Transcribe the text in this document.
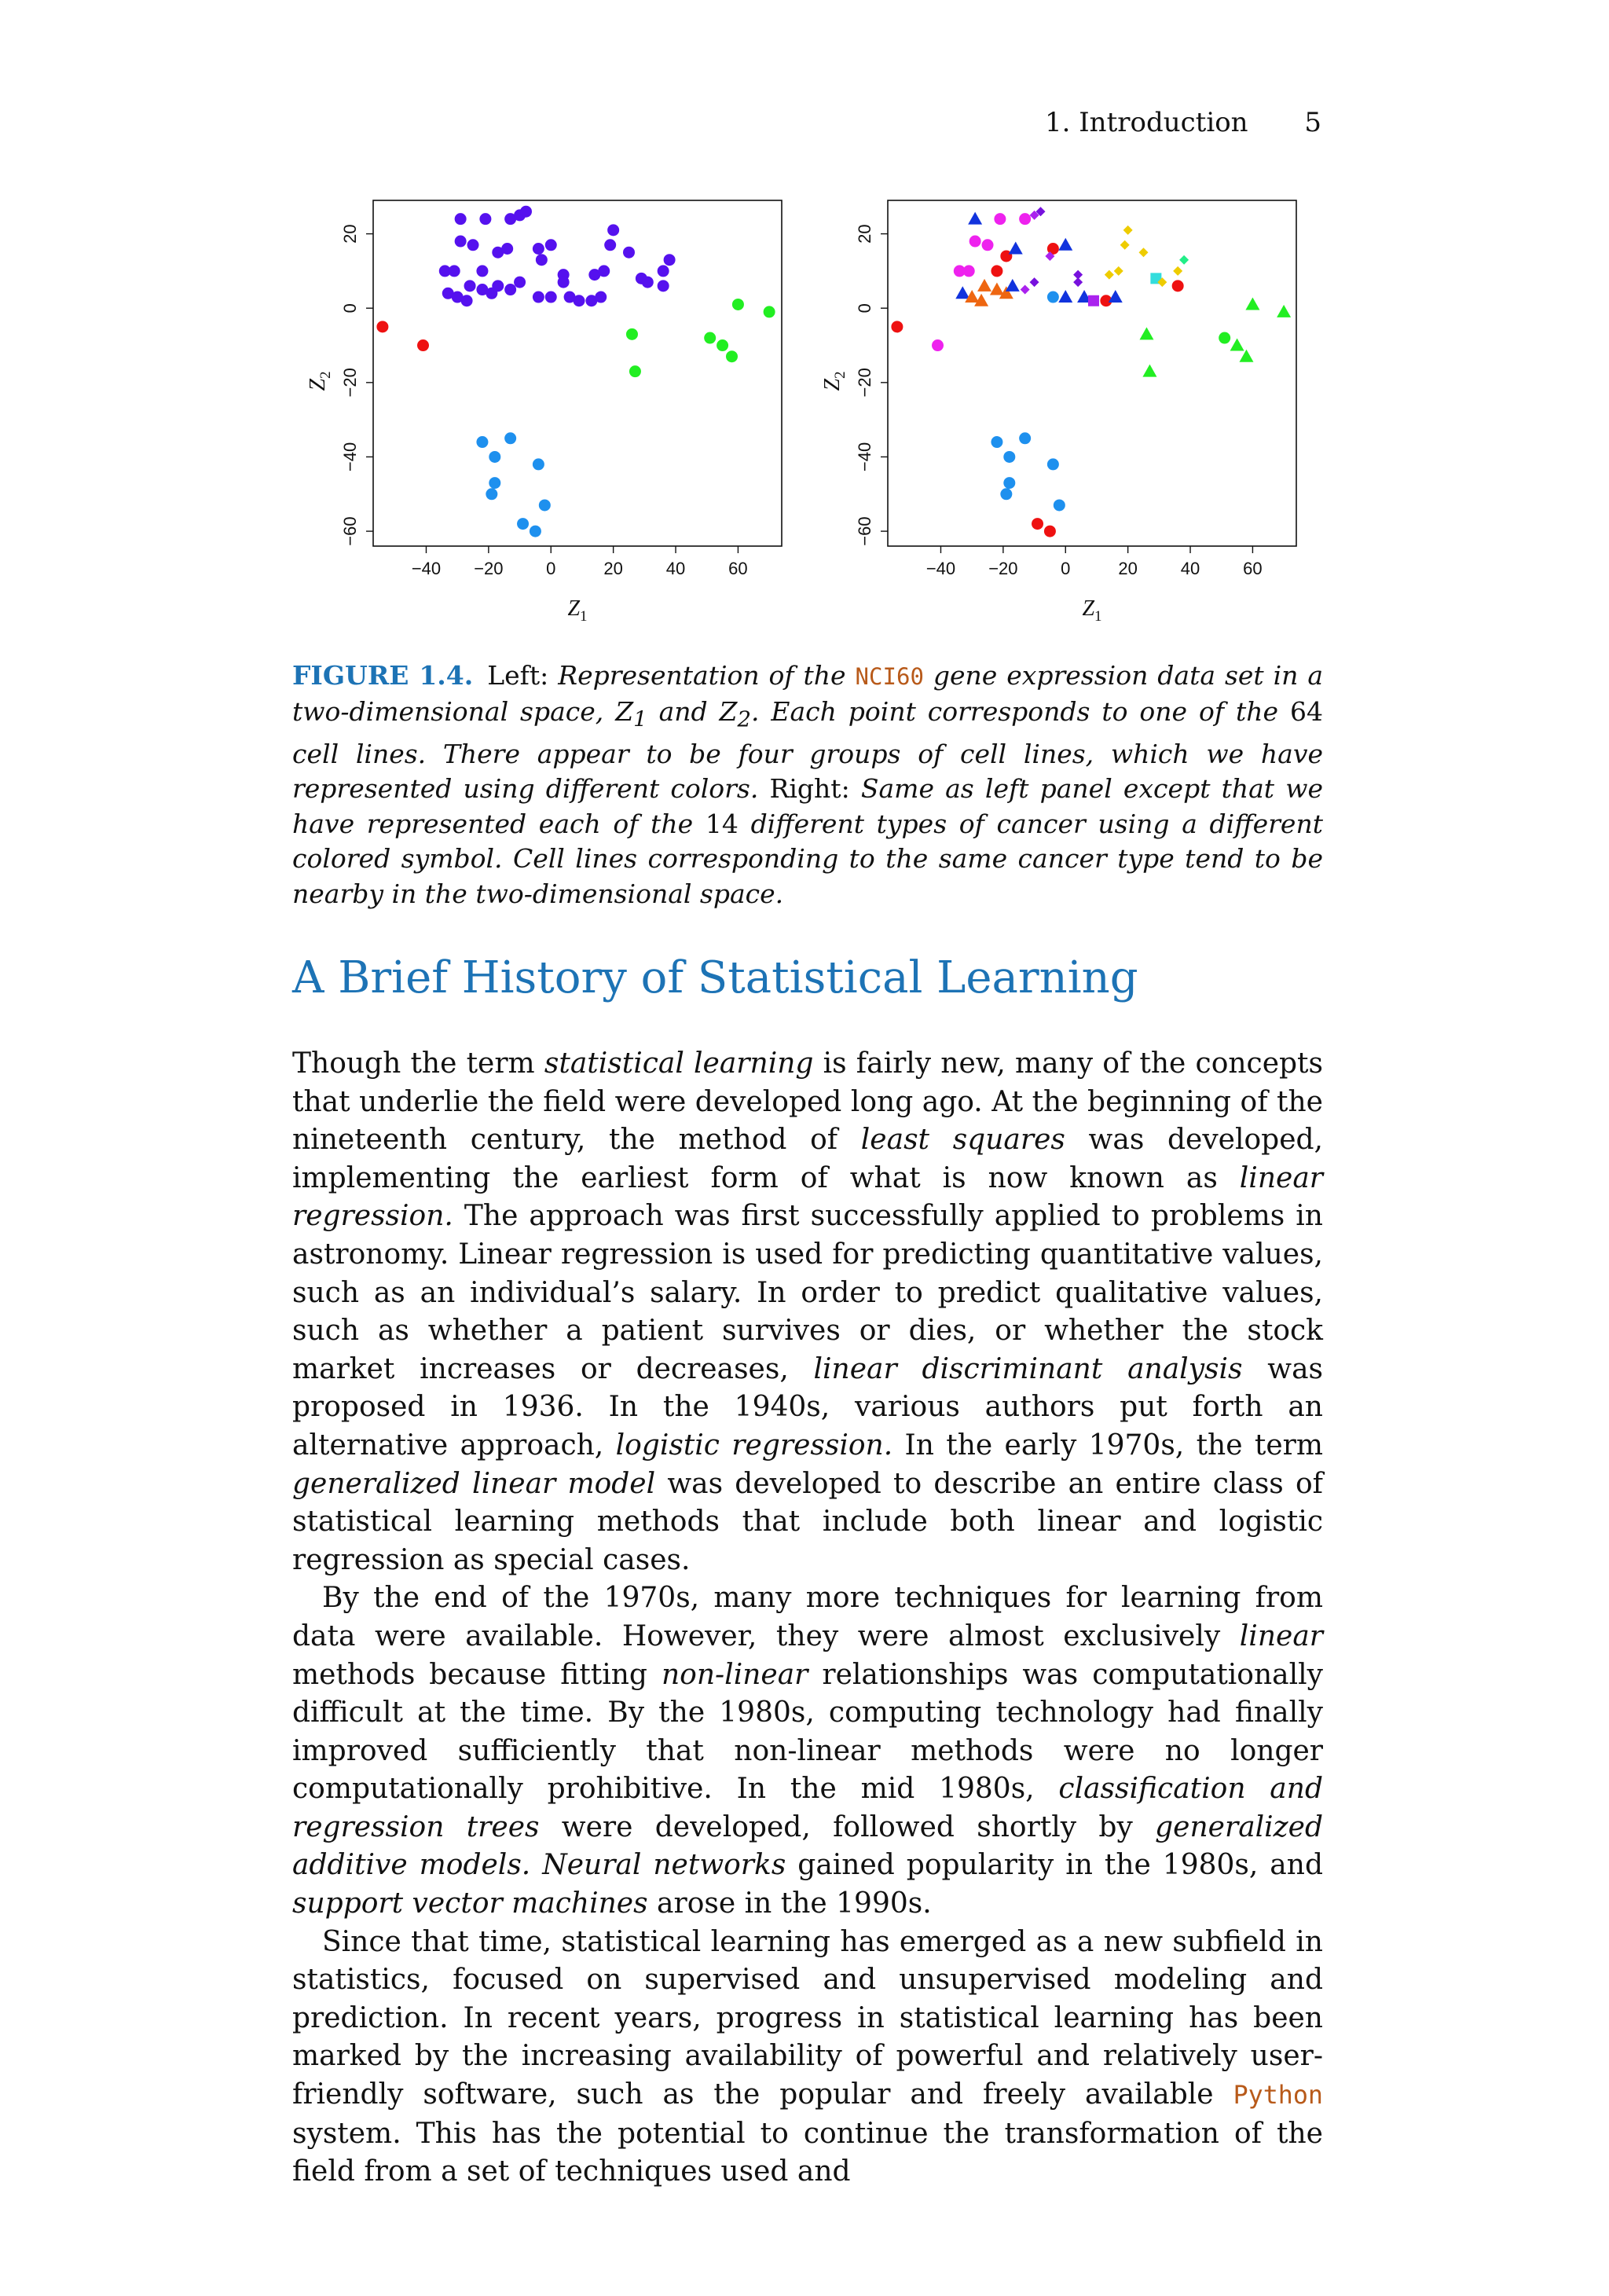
1. Introduction 5
−40 −20 0	20 40 60
−60
−40
−20
0
20
$Z_1$
$Z_2$
−40 −20 0	20 40 60
−60
−40
−20
0
20
$Z_1$
$Z_2$
FIGURE 1.4. Left: Representation of the NCI60 gene expression data set in a two-dimensional space, $Z_1$ and $Z_2$. Each point corresponds to one of the 64 cell lines. There appear to be four groups of cell lines, which we have represented using different colors. Right: Same as left panel except that we have represented each of the 14 different types of cancer using a different colored symbol. Cell lines corresponding to the same cancer type tend to be nearby in the two-dimensional space.
A Brief History of Statistical Learning

Though the term statistical learning is fairly new, many of the concepts that underlie the field were developed long ago. At the beginning of the nineteenth century, the method of least squares was developed, implementing the earliest form of what is now known as linear regression. The approach was first successfully applied to problems in astronomy. Linear regression is used for predicting quantitative values, such as an individual’s salary. In order to predict qualitative values, such as whether a patient survives or dies, or whether the stock market increases or decreases, linear discriminant analysis was proposed in 1936. In the 1940s, various authors put forth an alternative approach, logistic regression. In the early 1970s, the term generalized linear model was developed to describe an entire class of statistical learning methods that include both linear and logistic regression as special cases.

By the end of the 1970s, many more techniques for learning from data were available. However, they were almost exclusively linear methods because fitting non-linear relationships was computationally difficult at the time. By the 1980s, computing technology had finally improved sufficiently that non-linear methods were no longer computationally prohibitive. In the mid 1980s, classification and regression trees were developed, followed shortly by generalized additive models. Neural networks gained popularity in the 1980s, and support vector machines arose in the 1990s.

Since that time, statistical learning has emerged as a new subfield in statistics, focused on supervised and unsupervised modeling and prediction. In recent years, progress in statistical learning has been marked by the increasing availability of powerful and relatively user-friendly software, such as the popular and freely available Python system. This has the potential to continue the transformation of the field from a set of techniques used and
